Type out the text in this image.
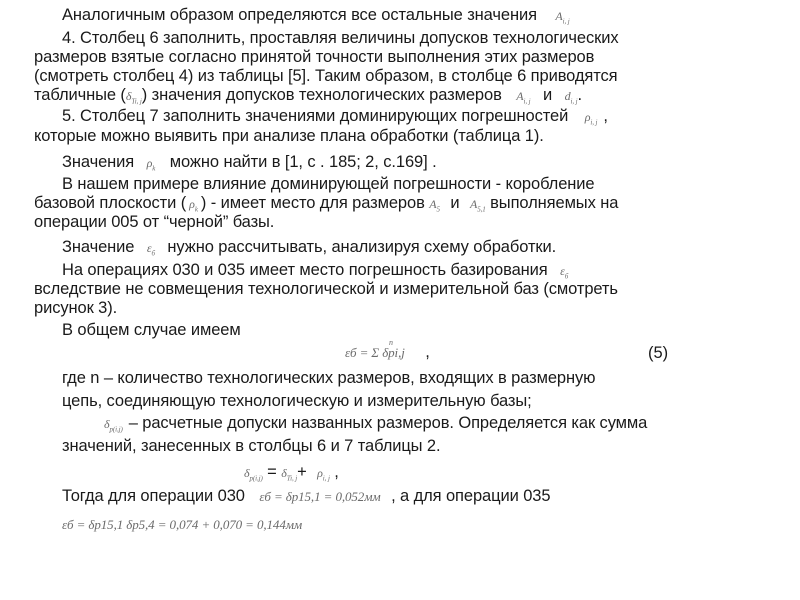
Аналогичным образом определяются все остальные значения $A_{i, j}$
4. Столбец 6 заполнить, проставляя величины допусков технологических
размеров взятые согласно принятой точности выполнения этих размеров
(смотреть столбец 4) из таблицы [5]. Таким образом, в столбце 6 приводятся
табличные $(\delta_{Ti, j})$ значения допусков технологических размеров $A_{i, j}$ и $d_{i, j}$.
5. Столбец 7 заполнить значениями доминирующих погрешностей $\rho_{i, j}$ ,
которые можно выявить при анализе плана обработки (таблица 1).
Значения $\rho_k$ можно найти в [1, с . 185; 2, с.169] .
В нашем примере влияние доминирующей погрешности - коробление
базовой плоскости ( $\rho_k$ ) - имеет место для размеров $A_5$ и $A_{5,1}$ выполняемых на
операции 005 от “черной” базы.
Значение $\varepsilon_б$ нужно рассчитывать, анализируя схему обработки.
На операциях 030 и 035 имеет место погрешность базирования $\varepsilon_б$
вследствие не совмещения технологической и измерительной баз (смотреть
рисунок 3).
В общем случае имеем
εб = Σ δpi,j
n
,	(5)
где n – количество технологических размеров, входящих в размерную
цепь, соединяющую технологическую и измерительную базы;
$\delta_{p(i,j)}$ – расчетные допуски названных размеров. Определяется как сумма
значений, занесенных в столбцы 6 и 7 таблицы 2.
$\delta_{p(i,j)} = \delta_{Ti, j}+ \rho_{i, j}$ ,
Тогда для операции 030 εб = δp15,1 = 0,052мм , а для операции 035
εб = δp15,1 δp5,4 = 0,074 + 0,070 = 0,144мм
